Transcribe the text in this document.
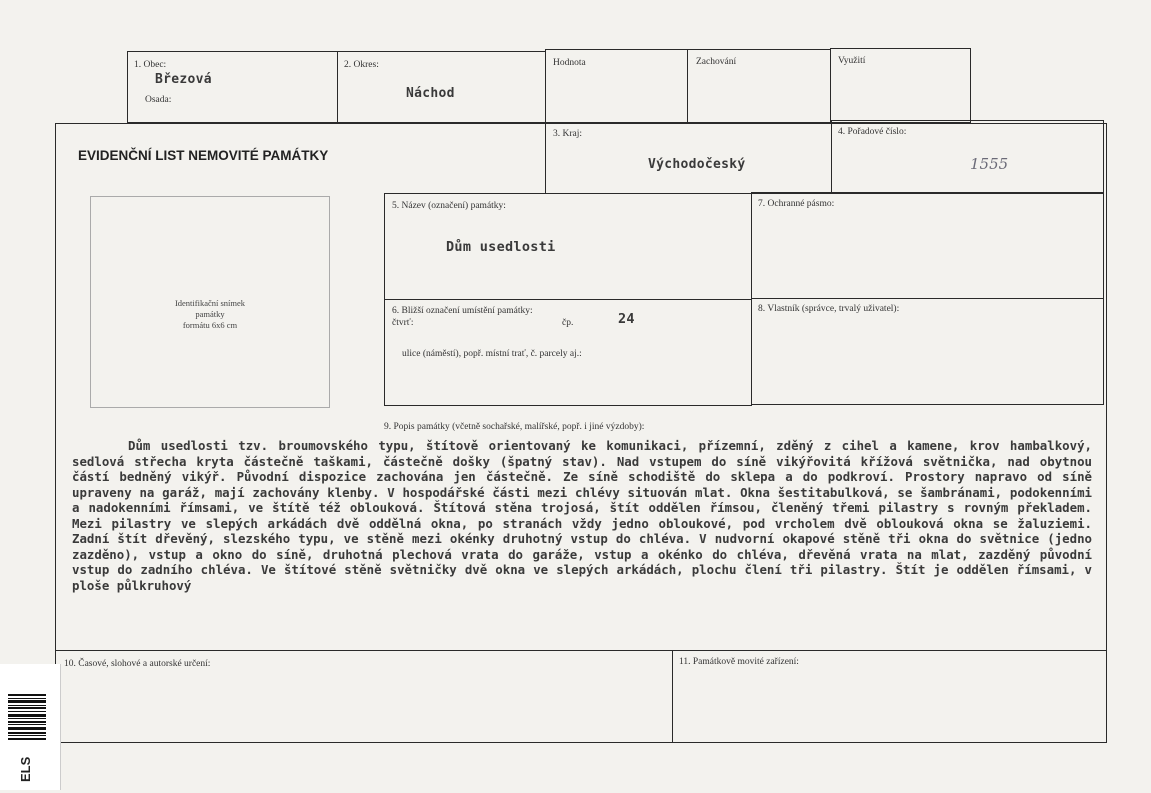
1. Obec:
Březová
Osada:
2. Okres:
Náchod
Hodnota	Zachování	Využití
EVIDENČNÍ LIST NEMOVITÉ PAMÁTKY
3. Kraj:
Východočeský
4. Pořadové číslo:
1555
Identifikační snímek
památky
formátu 6x6 cm
5. Název (označení) památky:
Dům usedlosti
7. Ochranné pásmo:
6. Bližší označení umístění památky:
čtvrť:	čp.	24
ulice (náměstí), popř. místní trať, č. parcely aj.:
8. Vlastník (správce, trvalý uživatel):
9. Popis památky (včetně sochařské, malířské, popř. i jiné výzdoby):
Dům usedlosti tzv. broumovského typu, štítově orientovaný ke komunikaci, přízemní, zděný z cihel a kamene, krov hambalkový, sedlová střecha kryta částečně taškami, částečně došky (špatný stav). Nad vstupem do síně vikýřovitá křížová světnička, nad obytnou částí bedněný vikýř. Původní dispozice zachována jen částečně. Ze síně schodiště do sklepa a do podkroví. Prostory napravo od síně upraveny na garáž, mají zachovány klenby. V hospodářské části mezi chlévy situován mlat. Okna šestitabulková, se šambránami, podokenními a nadokenními římsami, ve štítě též oblouková. Štítová stěna trojosá, štít oddělen římsou, členěný třemi pilastry s rovným překladem. Mezi pilastry ve slepých arkádách dvě oddělná okna, po stranách vždy jedno obloukové, pod vrcholem dvě oblouková okna se žaluziemi. Zadní štít dřevěný, slezského typu, ve stěně mezi okénky druhotný vstup do chléva. V nudvorní okapové stěně tři okna do světnice (jedno zazděno), vstup a okno do síně, druhotná plechová vrata do garáže, vstup a okénko do chléva, dřevěná vrata na mlat, zazděný původní vstup do zadního chléva. Ve štítové stěně světničky dvě okna ve slepých arkádách, plochu člení tři pilastry. Štít je oddělen římsami, v ploše půlkruhový
10. Časové, slohové a autorské určení:	11. Památkově movité zařízení:
ELS
